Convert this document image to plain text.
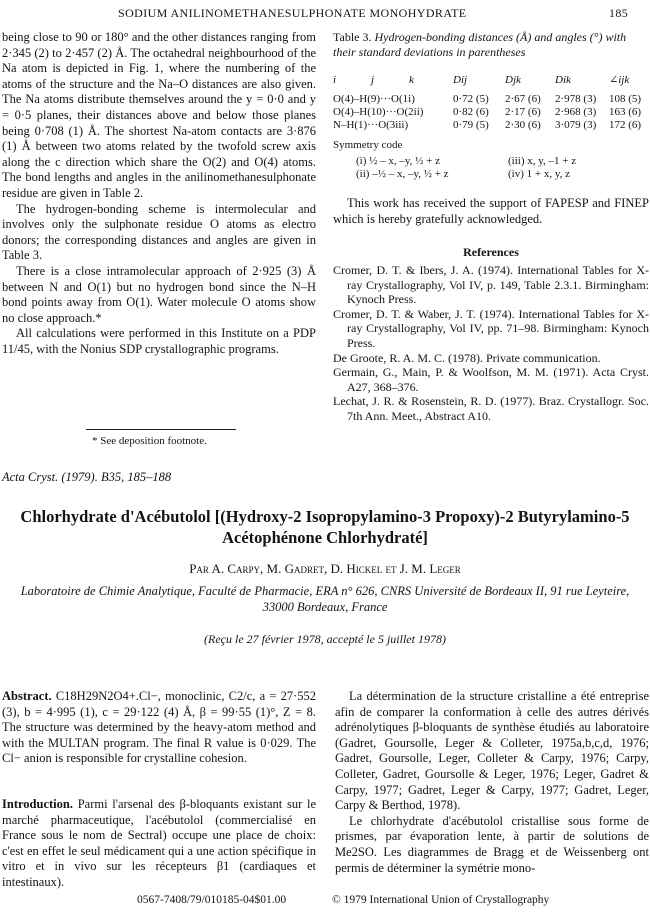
SODIUM ANILINOMETHANESULPHONATE MONOHYDRATE	185

being close to 90 or 180° and the other distances ranging from 2·345 (2) to 2·457 (2) Å. The octahedral neighbourhood of the Na atom is depicted in Fig. 1, where the numbering of the atoms of the structure and the Na–O distances are also given. The Na atoms distribute themselves around the y = 0·0 and y = 0·5 planes, their distances above and below those planes being 0·708 (1) Å. The shortest Na-atom contacts are 3·876 (1) Å between two atoms related by the twofold screw axis along the c direction which share the O(2) and O(4) atoms. The bond lengths and angles in the anilinomethanesulphonate residue are given in Table 2.

The hydrogen-bonding scheme is intermolecular and involves only the sulphonate residue O atoms as electro donors; the corresponding distances and angles are given in Table 3.

There is a close intramolecular approach of 2·925 (3) Å between N and O(1) but no hydrogen bond since the N–H bond points away from O(1). Water molecule O atoms show no close approach.*

All calculations were performed in this Institute on a PDP 11/45, with the Nonius SDP crystallographic programs.

* See deposition footnote.
Table 3. Hydrogen-bonding distances (Å) and angles (°) with their standard deviations in parentheses
i	j	k	Dij	Djk	Dik	∠ijk

O(4)–H(9)···O(1i)			0·72 (5)	2·67 (6)	2·978 (3)	108 (5)
O(4)–H(10)···O(2ii)			0·82 (6)	2·17 (6)	2·968 (3)	163 (6)
N–H(1)···O(3iii)			0·79 (5)	2·30 (6)	3·079 (3)	172 (6)
Symmetry code
(i) ½ – x, –y, ½ + z
(ii) –½ – x, –y, ½ + z
(iii) x, y, –1 + z
(iv) 1 + x, y, z

This work has received the support of FAPESP and FINEP which is hereby gratefully acknowledged.

References

Cromer, D. T. & Ibers, J. A. (1974). International Tables for X-ray Crystallography, Vol IV, p. 149, Table 2.3.1. Birmingham: Kynoch Press.

Cromer, D. T. & Waber, J. T. (1974). International Tables for X-ray Crystallography, Vol IV, pp. 71–98. Birmingham: Kynoch Press.

De Groote, R. A. M. C. (1978). Private communication.

Germain, G., Main, P. & Woolfson, M. M. (1971). Acta Cryst. A27, 368–376.

Lechat, J. R. & Rosenstein, R. D. (1977). Braz. Crystallogr. Soc. 7th Ann. Meet., Abstract A10.

Acta Cryst. (1979). B35, 185–188
Chlorhydrate d'Acébutolol [(Hydroxy-2 Isopropylamino-3 Propoxy)-2 Butyrylamino-5 Acétophénone Chlorhydraté]
Par A. Carpy, M. Gadret, D. Hickel et J. M. Leger
Laboratoire de Chimie Analytique, Faculté de Pharmacie, ERA n° 626, CNRS Université de Bordeaux II, 91 rue Leyteire, 33000 Bordeaux, France
(Reçu le 27 février 1978, accepté le 5 juillet 1978)

Abstract. C18H29N2O4+.Cl−, monoclinic, C2/c, a = 27·552 (3), b = 4·995 (1), c = 29·122 (4) Å, β = 99·55 (1)°, Z = 8. The structure was determined by the heavy-atom method and with the MULTAN program. The final R value is 0·029. The Cl− anion is responsible for crystalline cohesion.

Introduction. Parmi l'arsenal des β-bloquants existant sur le marché pharmaceutique, l'acébutolol (commercialisé en France sous le nom de Sectral) occupe une place de choix: c'est en effet le seul médicament qui a une action spécifique in vitro et in vivo sur les récepteurs β1 (cardiaques et intestinaux).

La détermination de la structure cristalline a été entreprise afin de comparer la conformation à celle des autres dérivés adrénolytiques β-bloquants de synthèse étudiés au laboratoire (Gadret, Goursolle, Leger & Colleter, 1975a,b,c,d, 1976; Gadret, Goursolle, Leger, Colleter & Carpy, 1976; Carpy, Colleter, Gadret, Goursolle & Leger, 1976; Leger, Gadret & Carpy, 1977; Gadret, Leger & Carpy, 1977; Gadret, Leger, Carpy & Berthod, 1978).

Le chlorhydrate d'acébutolol cristallise sous forme de prismes, par évaporation lente, à partir de solutions de Me2SO. Les diagrammes de Bragg et de Weissenberg ont permis de déterminer la symétrie mono-

0567-7408/79/010185-04$01.00	© 1979 International Union of Crystallography
